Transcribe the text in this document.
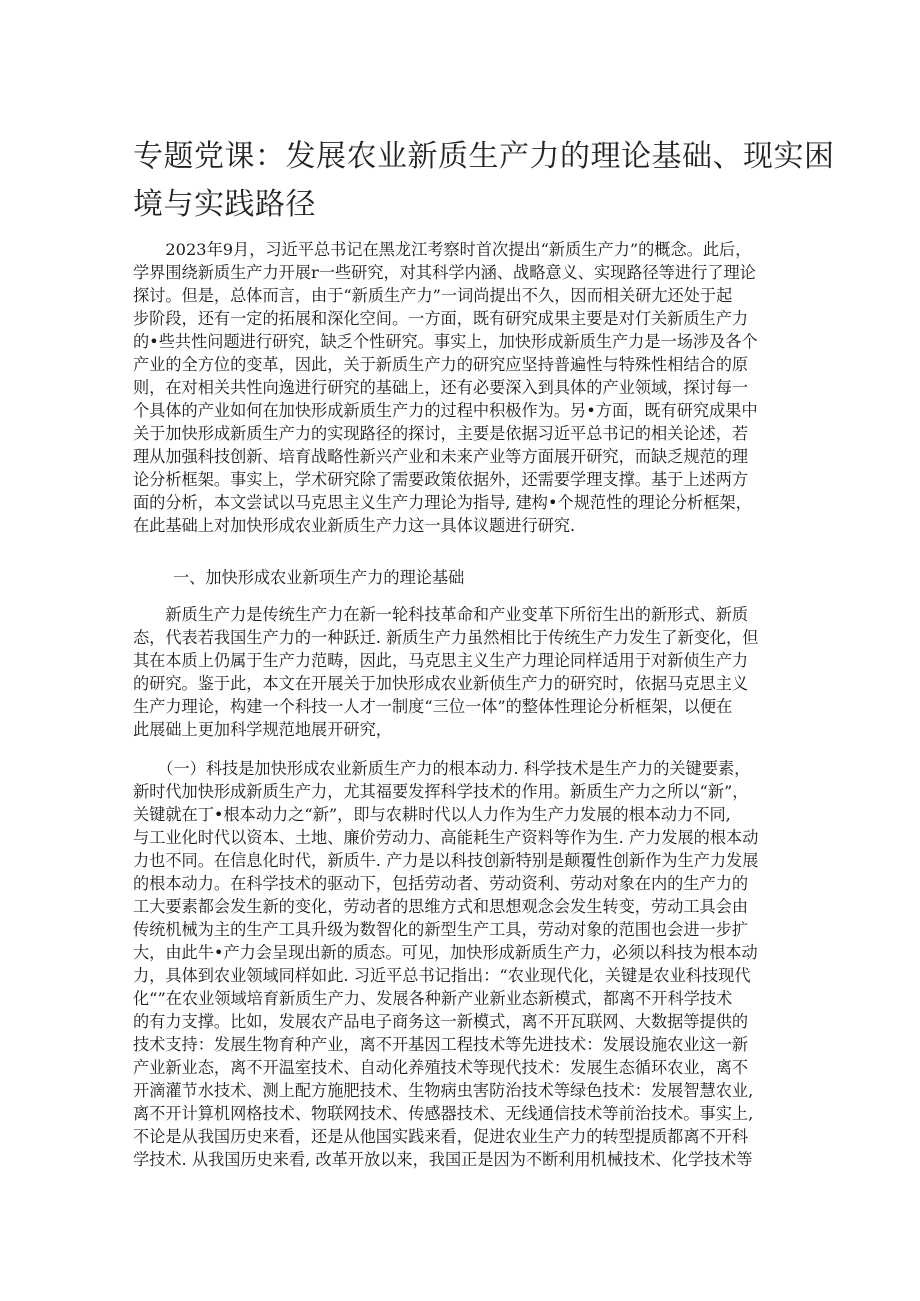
专题党课：发展农业新质生产力的理论基础、现实困
境与实践路径
　　2023年9月，习近平总书记在黑龙江考察时首次提出“新质生产力”的概念。此后，
学界围绕新质生产力开展r一些研究，对其科学内涵、战略意义、实现路径等进行了理论
探讨。但是，总体而言，由于“新质生产力”一词尚提出不久，因而相关研尢还处于起
步阶段，还有一定的拓展和深化空间。一方面，既有研究成果主要是对仃关新质生产力
的•些共性问题进行研究，缺乏个性研究。事实上，加快形成新质生产力是一场涉及各个
产业的全方位的变革，因此，关于新质生产力的研究应坚持普遍性与特殊性相结合的原
则，在对相关共性向逸进行研究的基础上，还有必要深入到具体的产业领域，探讨每一
个具体的产业如何在加快形成新质生产力的过程中积极作为。另•方面，既有研究成果中
关于加快形成新质生产力的实现路径的探讨，主要是依据习近平总书记的相关论述，若
理从加强科技创新、培育战略性新兴产业和未来产业等方面展开研究，而缺乏规范的理
论分析框架。事实上，学术研究除了需要政策依据外，还需要学理支撑。基于上述两方
面的分析，本文尝试以马克思主义生产力理论为指导, 建构•个规范性的理论分析框架，
在此基础上对加快形成农业新质生产力这一具体议题进行研究.

一、加快形成农业新项生产力的理论基础

　　新质生产力是传统生产力在新一轮科技革命和产业变革下所衍生出的新形式、新质
态，代表若我国生产力的一种跃迁. 新质生产力虽然相比于传统生产力发生了新变化，但
其在本质上仍属于生产力范畴，因此，马克思主义生产力理论同样适用于对新侦生产力
的研究。鉴于此，本文在开展关于加快形成农业新侦生产力的研究时，依据马克思主义
生产力理论，构建一个科技一人才一制度“三位一体”的整体性理论分析框架，以便在
此展础上更加科学规范地展开研究，
　　（一）科技是加快形成农业新质生产力的根本动力. 科学技术是生产力的关键要素，
新时代加快形成新质生产力，尤其福要发挥科学技术的作用。新质生产力之所以“新”，
关键就在丁•根本动力之“新”，即与农耕时代以人力作为生产力发展的根本动力不同,
与工业化时代以资本、土地、廉价劳动力、高能耗生产资料等作为生. 产力发展的根本动
力也不同。在信息化时代，新质牛. 产力是以科技创新特别是颠覆性创新作为生产力发展
的根本动力。在科学技术的驱动下，包括劳动者、劳动资利、劳动对象在内的生产力的
工大要素都会发生新的变化，劳动者的思维方式和思想观念会发生转变，劳动工具会由
传统机械为主的生产工具升级为数智化的新型生产工具，劳动对象的范围也会进一步扩
大，由此牛•产力会呈现出新的质态。可见，加快形成新质生产力，必须以科技为根本动
力，具体到农业领域同样如此. 习近平总书记指出：“农业现代化，关键是农业科技现代
化“”在农业领域培育新质生产力、发展各种新产业新业态新模式，都离不开科学技术
的有力支撑。比如，发展农产品电子商务这一新模式，离不开瓦联网、大数据等提供的
技术支持：发展生物育种产业，离不开基因工程技术等先进技术：发展设施农业这一新
产业新业态，离不开温室技术、自动化养殖技术等现代技术：发展生态循环农业，离不
开滴灌节水技术、测上配方施肥技术、生物病虫害防治技术等绿色技术：发展智慧农业,
离不开计算机网格技术、物联网技术、传感器技术、无线通信技术等前治技术。事实上,
不论是从我国历史来看，还是从他国实践来看，促进农业生产力的转型提质都离不开科
学技术. 从我国历史来看, 改革开放以来，我国正是因为不断利用机械技术、化学技术等
